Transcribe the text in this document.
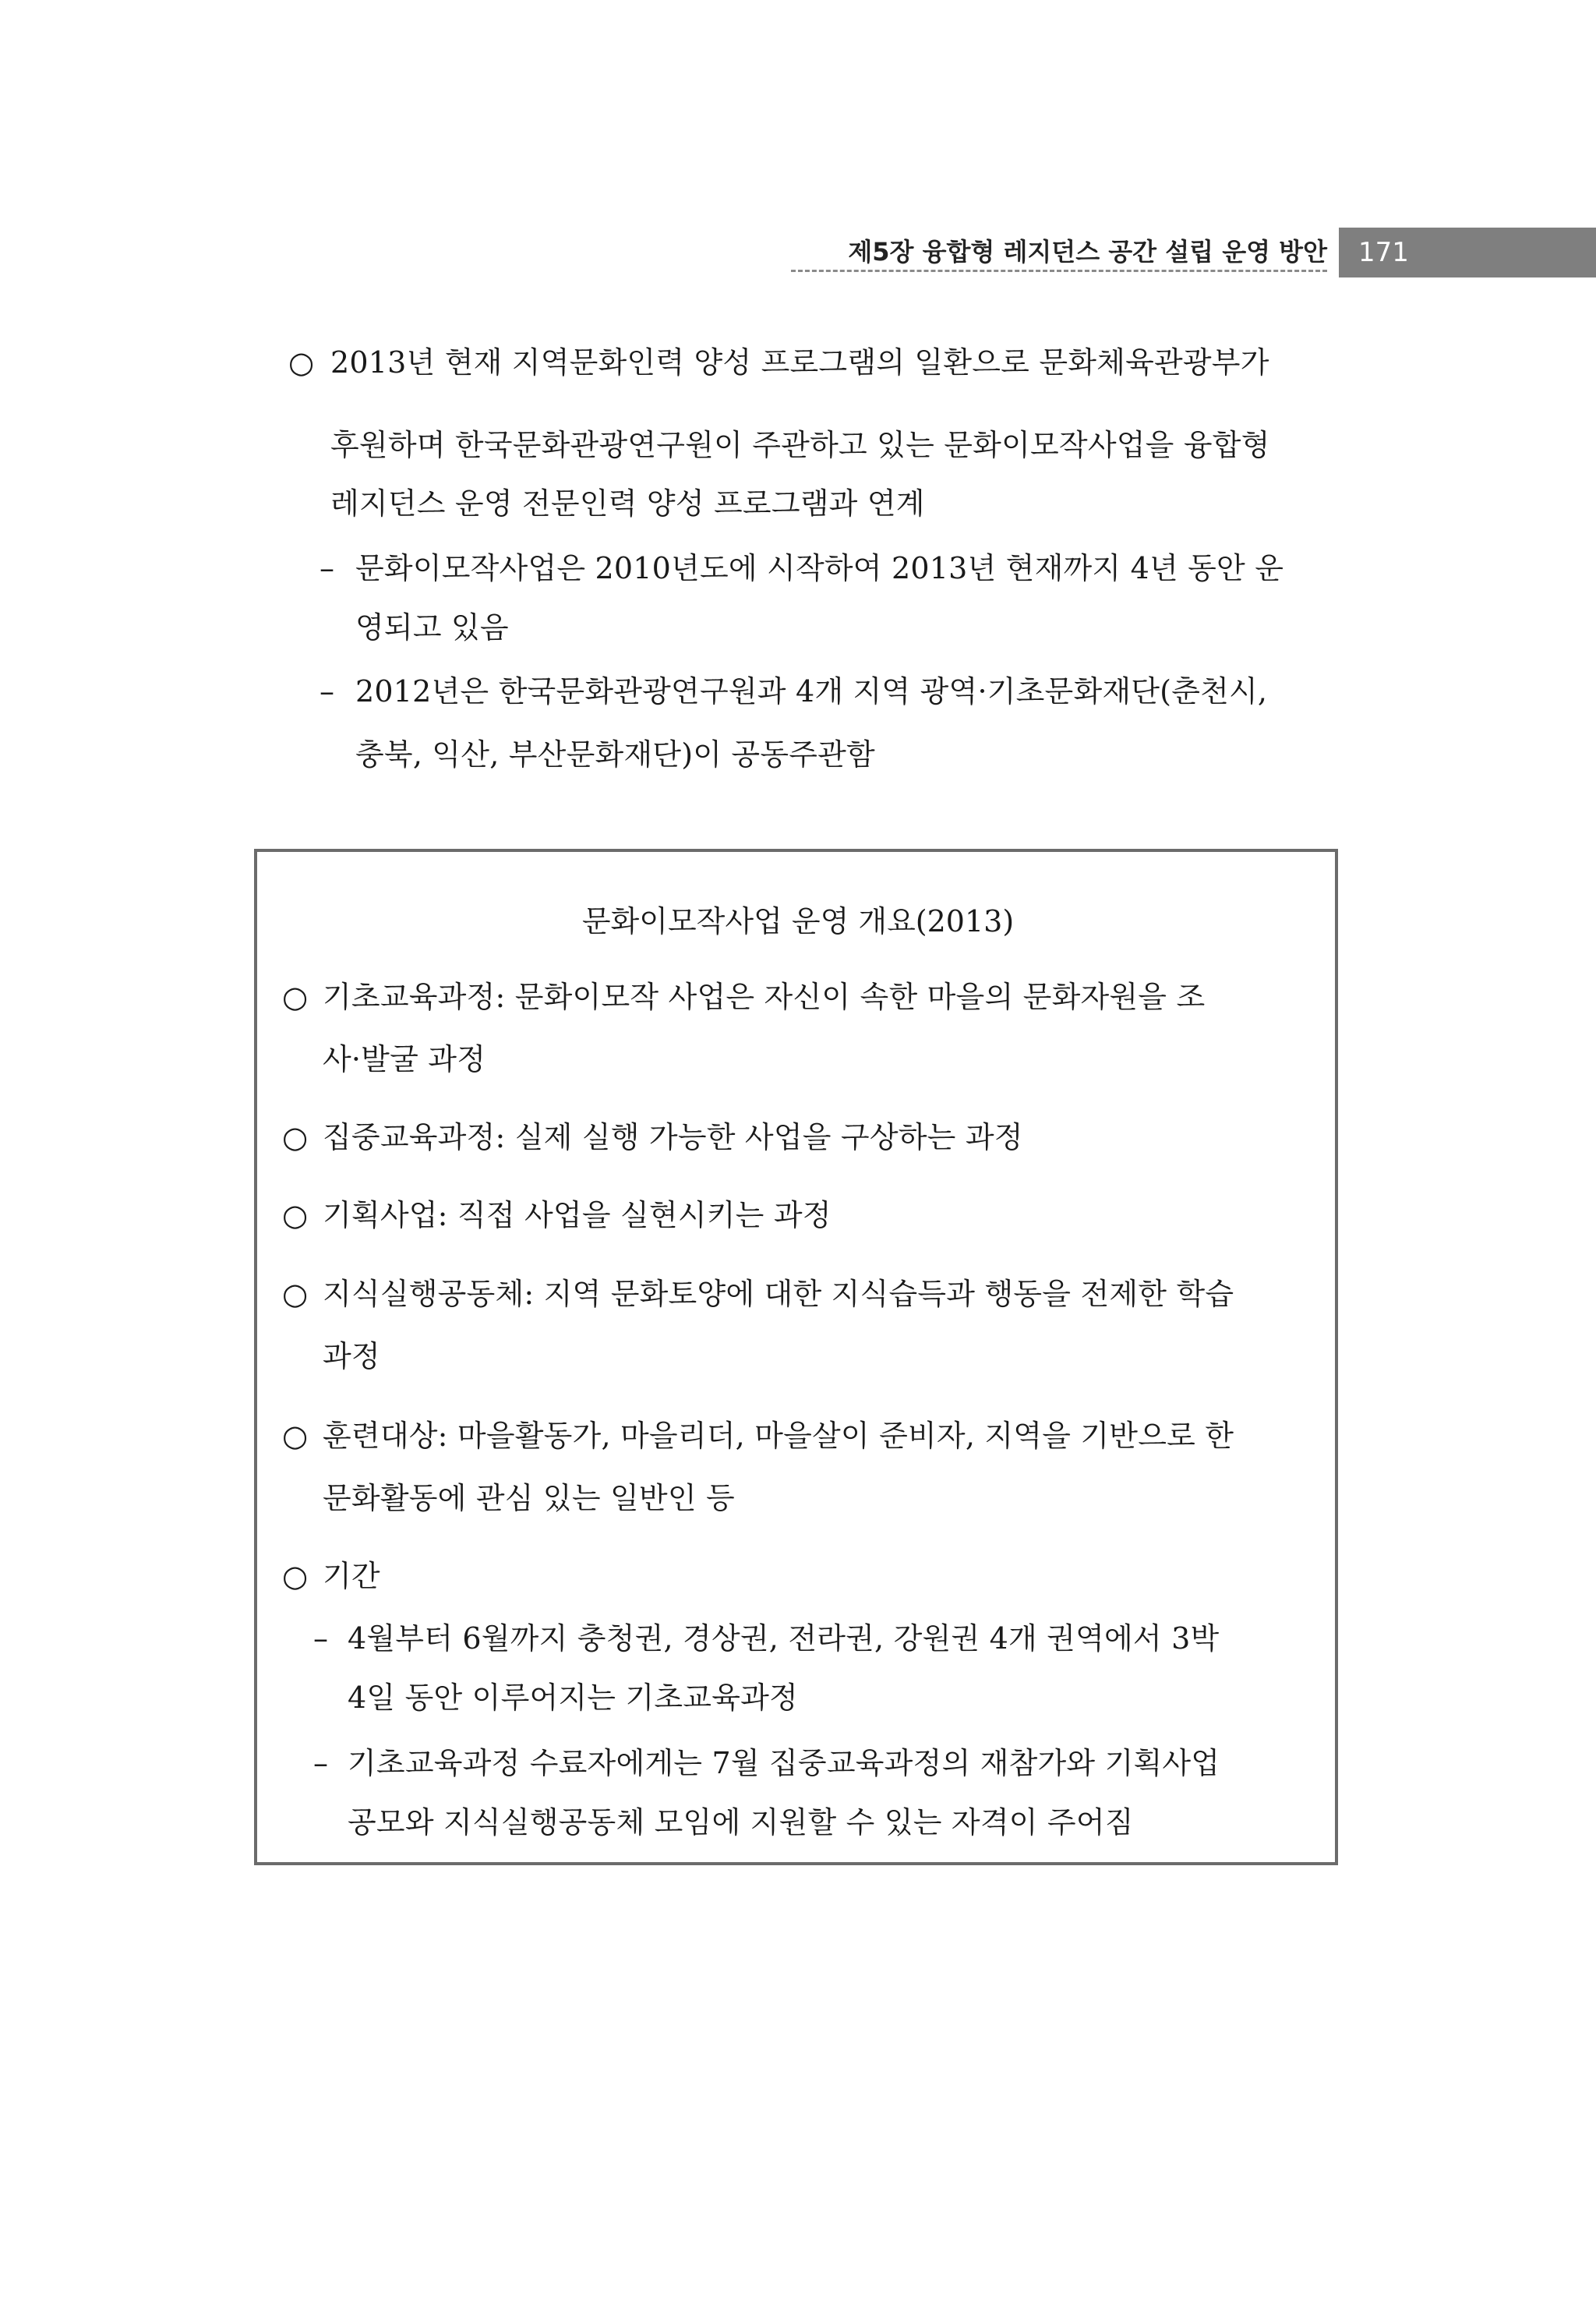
제5장 융합형 레지던스 공간 설립 운영 방안 171
○ 2013년 현재 지역문화인력 양성 프로그램의 일환으로 문화체육관광부가
후원하며 한국문화관광연구원이 주관하고 있는 문화이모작사업을 융합형
레지던스 운영 전문인력 양성 프로그램과 연계
– 문화이모작사업은 2010년도에 시작하여 2013년 현재까지 4년 동안 운
영되고 있음
– 2012년은 한국문화관광연구원과 4개 지역 광역·기초문화재단(춘천시,
충북, 익산, 부산문화재단)이 공동주관함
문화이모작사업 운영 개요(2013)
○ 기초교육과정: 문화이모작 사업은 자신이 속한 마을의 문화자원을 조
사·발굴 과정
○ 집중교육과정: 실제 실행 가능한 사업을 구상하는 과정
○ 기획사업: 직접 사업을 실현시키는 과정
○ 지식실행공동체: 지역 문화토양에 대한 지식습득과 행동을 전제한 학습
과정
○ 훈련대상: 마을활동가, 마을리더, 마을살이 준비자, 지역을 기반으로 한
문화활동에 관심 있는 일반인 등
○ 기간
– 4월부터 6월까지 충청권, 경상권, 전라권, 강원권 4개 권역에서 3박
4일 동안 이루어지는 기초교육과정
– 기초교육과정 수료자에게는 7월 집중교육과정의 재참가와 기획사업
공모와 지식실행공동체 모임에 지원할 수 있는 자격이 주어짐
